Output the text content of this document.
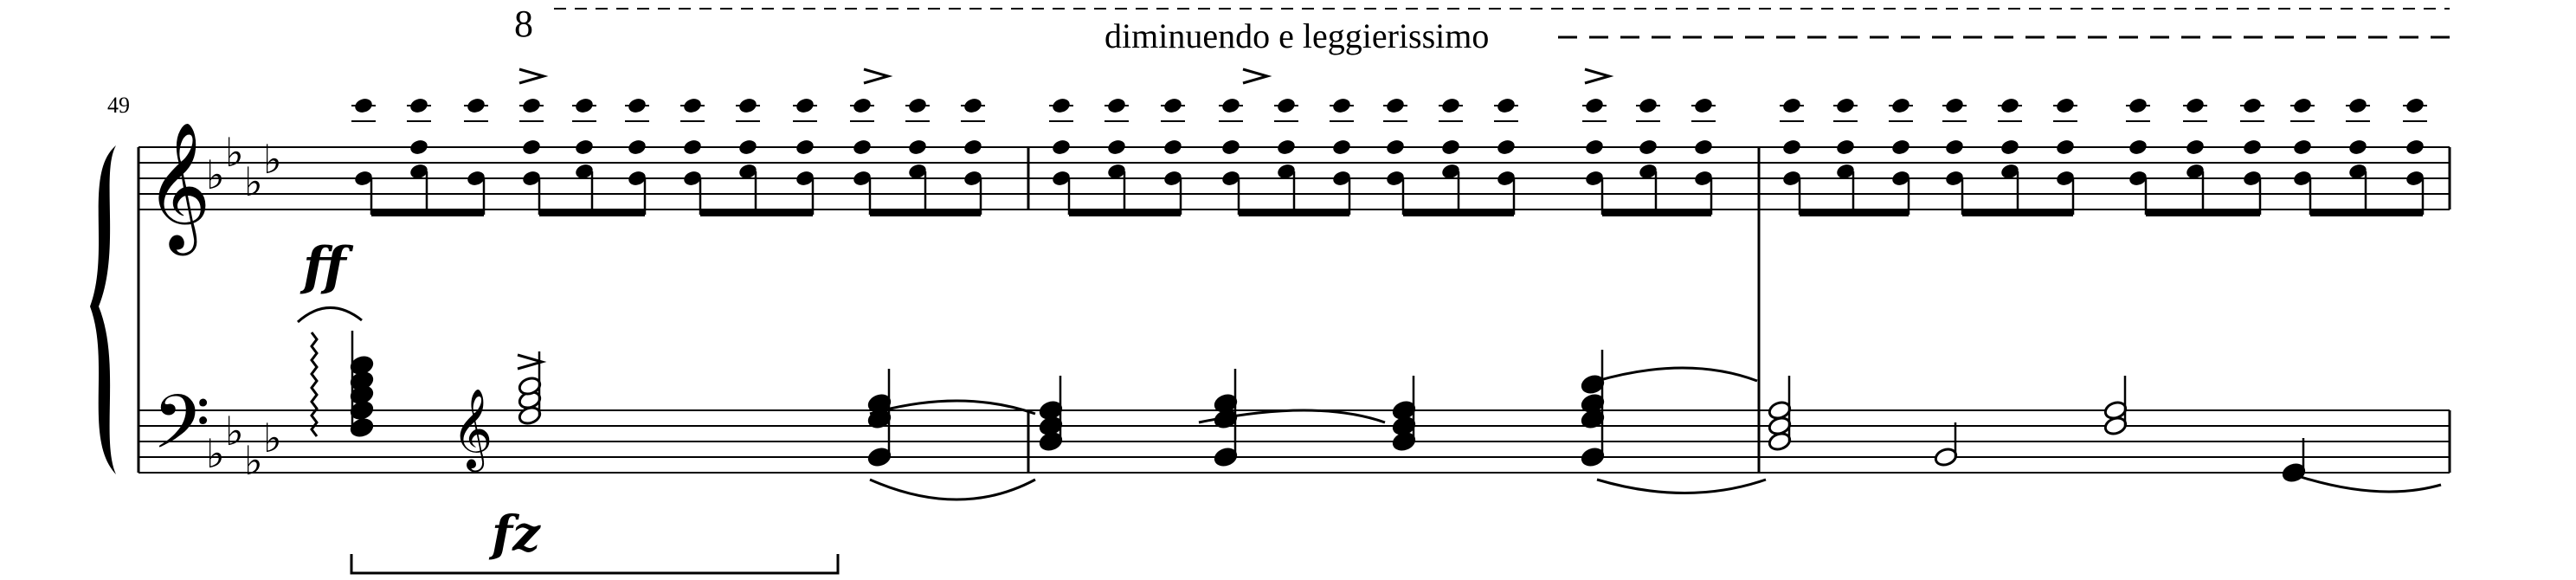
8	diminuendo e leggierissimo
49
𝄞
𝄢
♭ ♭
♭ ♭
♭ ♭
♭ ♭
ff
𝄞
fz
